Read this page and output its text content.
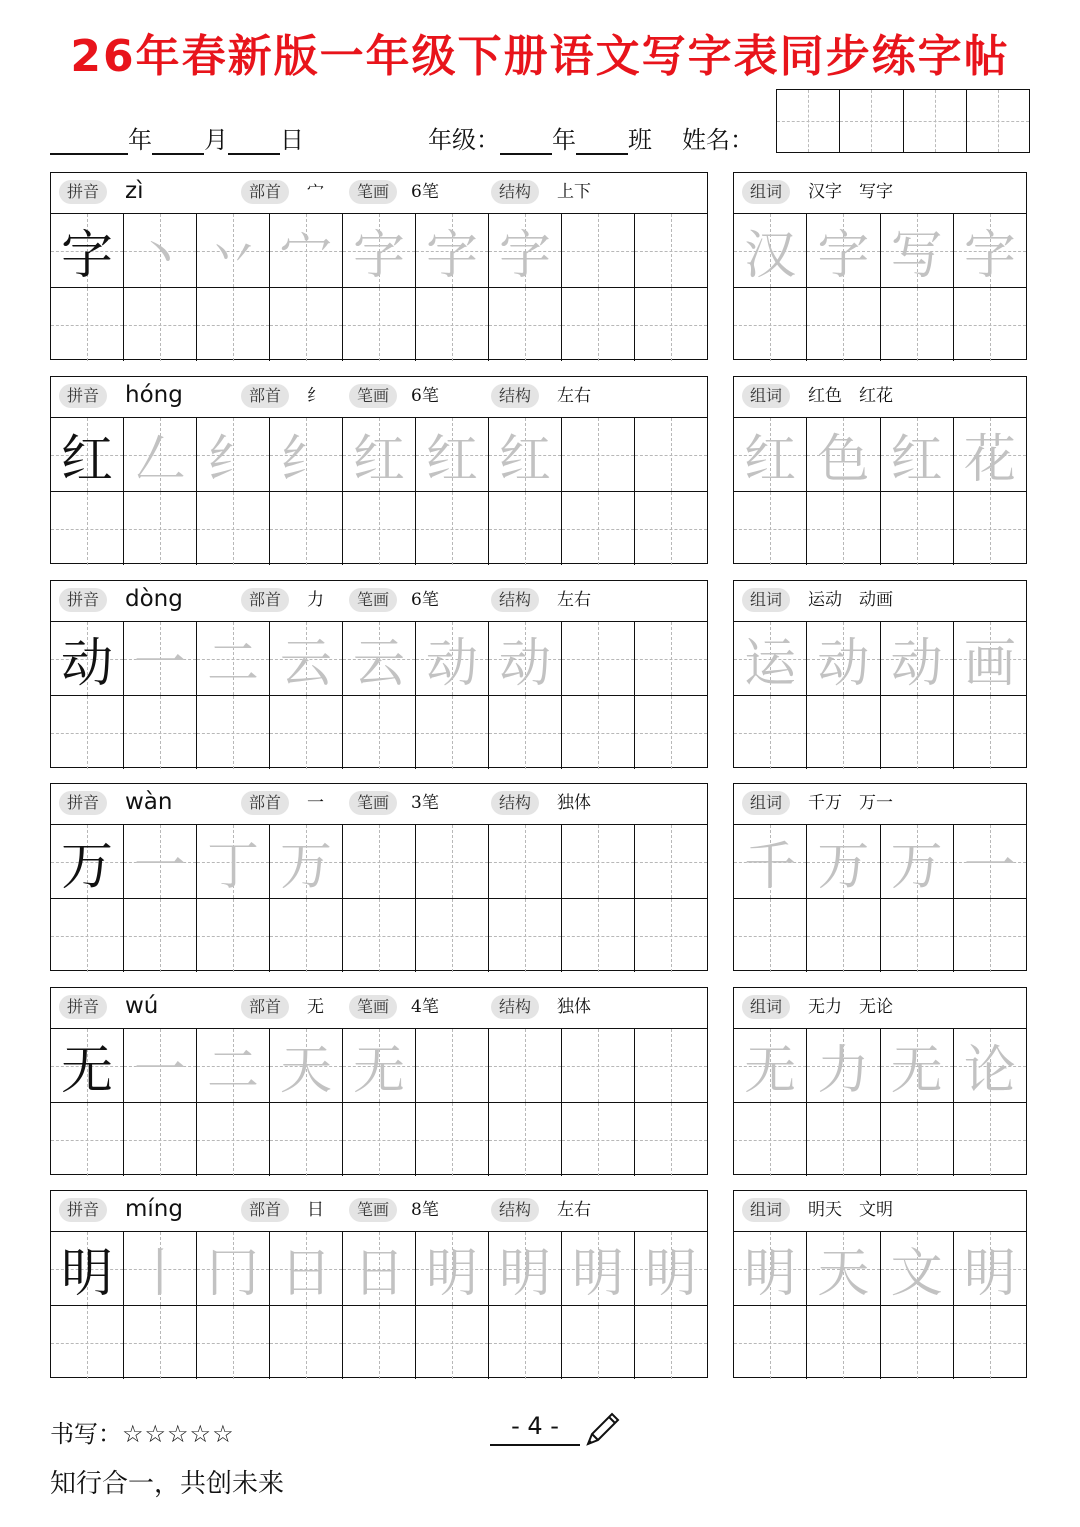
26年春新版一年级下册语文写字表同步练字帖
年 月 日	年级： 年 班 姓名：
拼音	zì	部首	宀	笔画	6笔	结构	上下
字 丶 丷 宀 字 字 字
组词	汉字　写字
汉 字 写 字
拼音	hóng	部首	纟	笔画	6笔	结构	左右
红 𠃋 纟 纟 红 红 红
组词	红色　红花
红 色 红 花
拼音	dòng	部首	力	笔画	6笔	结构	左右
动 一 二 云 云 动 动
组词	运动　动画
运 动 动 画
拼音	wàn	部首	一	笔画	3笔	结构	独体
万 一 丁 万
组词	千万　万一
千 万 万 一
拼音	wú	部首	无	笔画	4笔	结构	独体
无 一 二 天 无
组词	无力　无论
无 力 无 论
拼音	míng	部首	日	笔画	8笔	结构	左右
明 丨 冂 日 日 明 明 明 明
组词	明天　文明
明 天 文 明
书写：☆☆☆☆☆	- 4 -
知行合一，共创未来
